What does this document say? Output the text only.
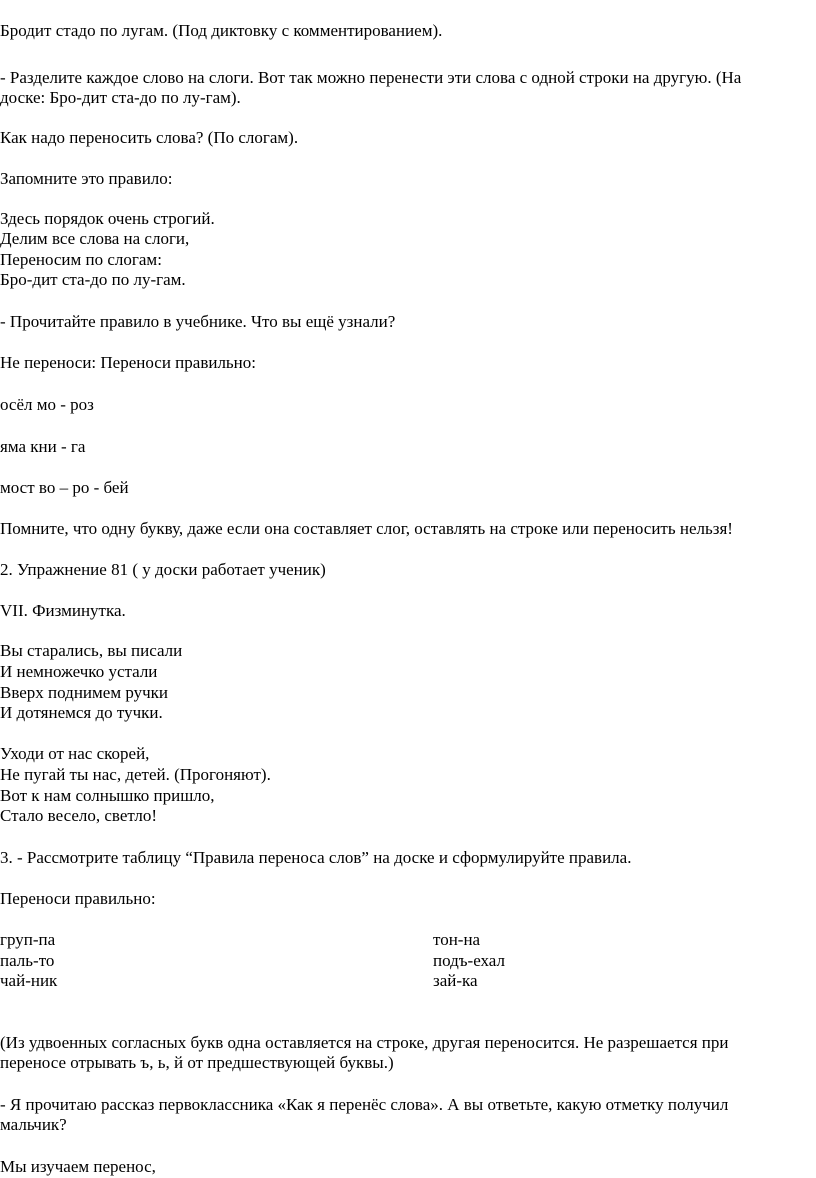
Бродит стадо по лугам. (Под диктовку с комментированием).
- Разделите каждое слово на слоги. Вот так можно перенести эти слова с одной строки на другую. (На
доске: Бро-дит ста-до по лу-гам).
Как надо переносить слова? (По слогам).
Запомните это правило:
Здесь порядок очень строгий.
Делим все слова на слоги,
Переносим по слогам:
Бро-дит ста-до по лу-гам.
- Прочитайте правило в учебнике. Что вы ещё узнали?
Не переноси: Переноси правильно:
осёл мо - роз
яма кни - га
мост во – ро - бей
Помните, что одну букву, даже если она составляет слог, оставлять на строке или переносить нельзя!
2. Упражнение 81 ( у доски работает ученик)
VII. Физминутка.
Вы старались, вы писали
И немножечко устали
Вверх поднимем ручки
И дотянемся до тучки.
Уходи от нас скорей,
Не пугай ты нас, детей. (Прогоняют).
Вот к нам солнышко пришло,
Стало весело, светло!
3. - Рассмотрите таблицу “Правила переноса слов” на доске и сформулируйте правила.
Переноси правильно:
груп-па	тон-на
паль-то	подъ-ехал
чай-ник	зай-ка
(Из удвоенных согласных букв одна оставляется на строке, другая переносится. Не разрешается при
переносе отрывать ъ, ь, й от предшествующей буквы.)
- Я прочитаю рассказ первоклассника «Как я перенёс слова». А вы ответьте, какую отметку получил
мальчик?
Мы изучаем перенос,
